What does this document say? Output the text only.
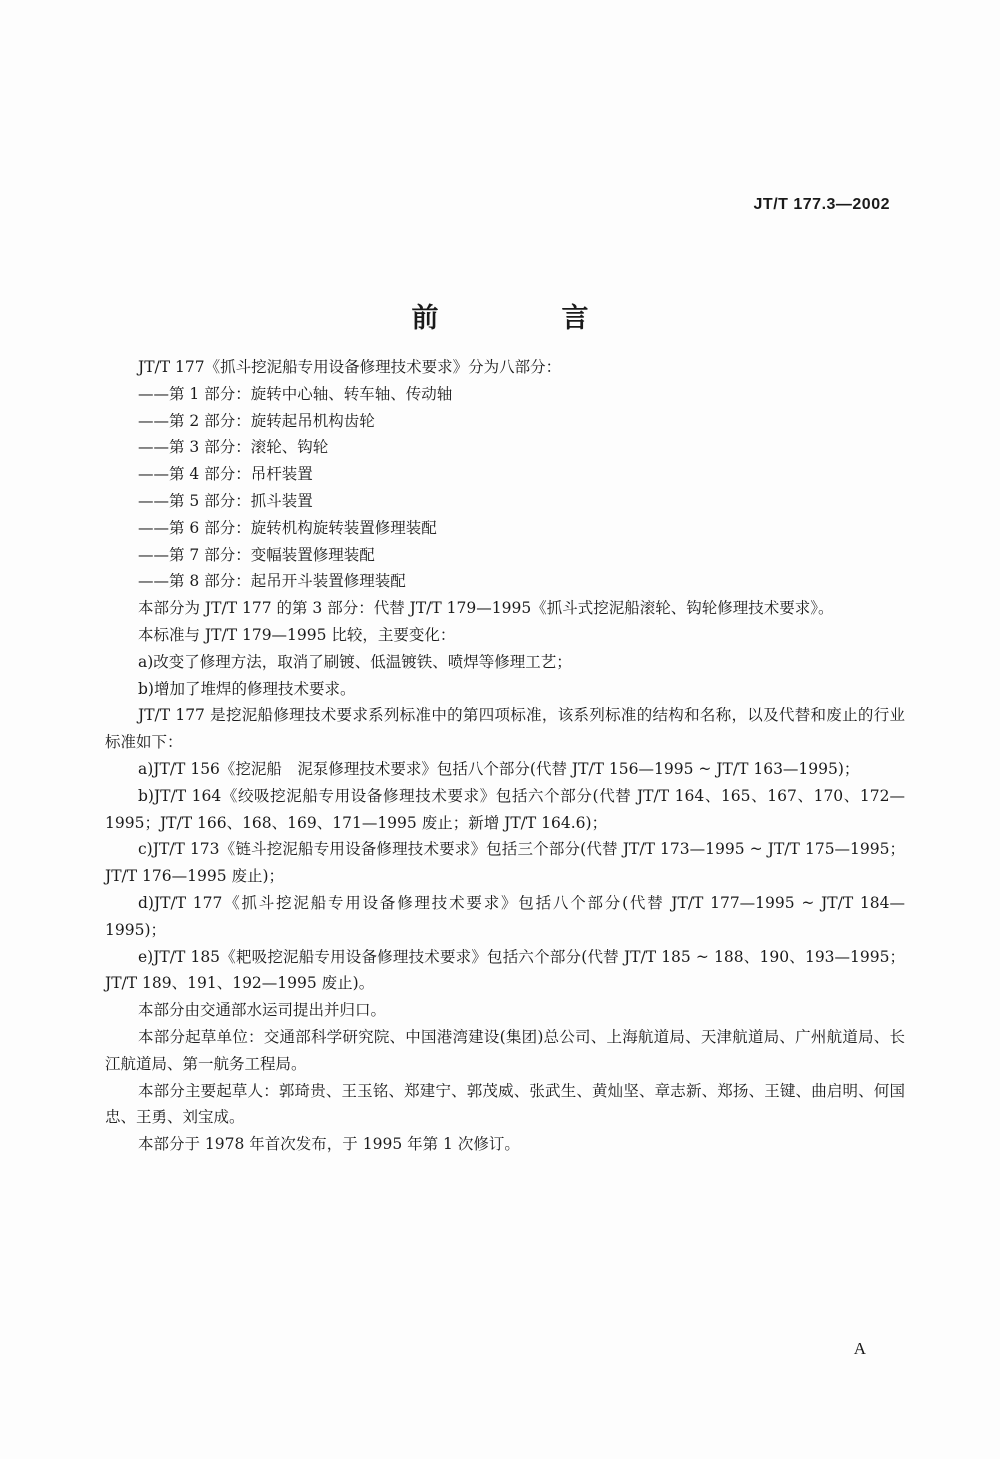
JT/T 177.3—2002
前　言

JT/T 177《抓斗挖泥船专用设备修理技术要求》分为八部分：

——第 1 部分：旋转中心轴、转车轴、传动轴

——第 2 部分：旋转起吊机构齿轮

——第 3 部分：滚轮、钩轮

——第 4 部分：吊杆装置

——第 5 部分：抓斗装置

——第 6 部分：旋转机构旋转装置修理装配

——第 7 部分：变幅装置修理装配

——第 8 部分：起吊开斗装置修理装配

本部分为 JT/T 177 的第 3 部分：代替 JT/T 179—1995《抓斗式挖泥船滚轮、钩轮修理技术要求》。

本标准与 JT/T 179—1995 比较，主要变化：

a)改变了修理方法，取消了刷镀、低温镀铁、喷焊等修理工艺；

b)增加了堆焊的修理技术要求。

JT/T 177 是挖泥船修理技术要求系列标准中的第四项标准，该系列标准的结构和名称，以及代替和废止的行业标准如下：

a)JT/T 156《挖泥船　泥泵修理技术要求》包括八个部分(代替 JT/T 156—1995 ~ JT/T 163—1995)；

b)JT/T 164《绞吸挖泥船专用设备修理技术要求》包括六个部分(代替 JT/T 164、165、167、170、172—1995；JT/T 166、168、169、171—1995 废止；新增 JT/T 164.6)；

c)JT/T 173《链斗挖泥船专用设备修理技术要求》包括三个部分(代替 JT/T 173—1995 ~ JT/T 175—1995；JT/T 176—1995 废止)；

d)JT/T 177《抓斗挖泥船专用设备修理技术要求》包括八个部分(代替 JT/T 177—1995 ~ JT/T 184—1995)；

e)JT/T 185《耙吸挖泥船专用设备修理技术要求》包括六个部分(代替 JT/T 185 ~ 188、190、193—1995；JT/T 189、191、192—1995 废止)。

本部分由交通部水运司提出并归口。

本部分起草单位：交通部科学研究院、中国港湾建设(集团)总公司、上海航道局、天津航道局、广州航道局、长江航道局、第一航务工程局。

本部分主要起草人：郭琦贵、王玉铭、郑建宁、郭茂威、张武生、黄灿坚、章志新、郑扬、王键、曲启明、何国忠、王勇、刘宝成。

本部分于 1978 年首次发布，于 1995 年第 1 次修订。

A
